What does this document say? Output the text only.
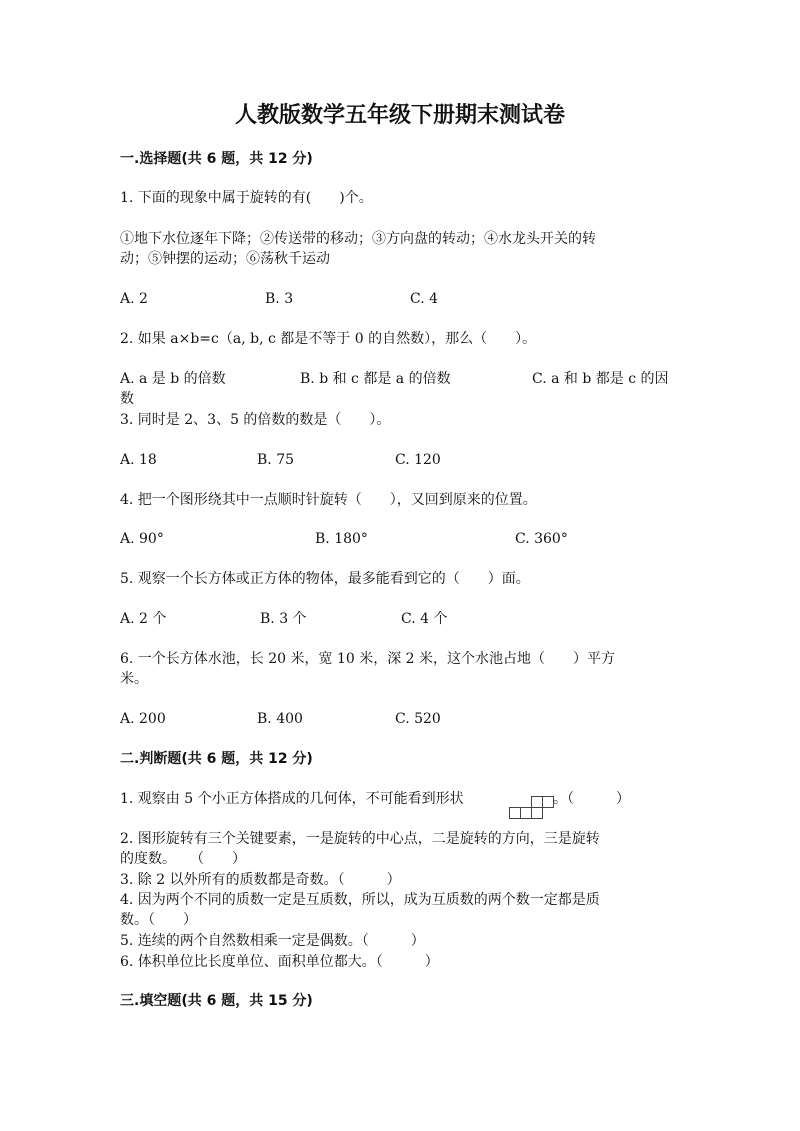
人教版数学五年级下册期末测试卷
一.选择题(共 6 题，共 12 分)
1. 下面的现象中属于旋转的有(　　)个。
①地下水位逐年下降；②传送带的移动；③方向盘的转动；④水龙头开关的转
动；⑤钟摆的运动；⑥荡秋千运动
A. 2	B. 3	C. 4
2. 如果 a×b=c（a, b, c 都是不等于 0 的自然数），那么（　　）。
A. a 是 b 的倍数	B. b 和 c 都是 a 的倍数	C. a 和 b 都是 c 的因
数
3. 同时是 2、3、5 的倍数的数是（　　）。
A. 18	B. 75	C. 120
4. 把一个图形绕其中一点顺时针旋转（　　），又回到原来的位置。
A. 90°	B. 180°	C. 360°
5. 观察一个长方体或正方体的物体，最多能看到它的（　　）面。
A. 2 个	B. 3 个	C. 4 个
6. 一个长方体水池，长 20 米，宽 10 米，深 2 米，这个水池占地（　　）平方
米。
A. 200	B. 400	C. 520
二.判断题(共 6 题，共 12 分)
1. 观察由 5 个小正方体搭成的几何体，不可能看到形状	。（　　　）
2. 图形旋转有三个关键要素，一是旋转的中心点，二是旋转的方向，三是旋转
的度数。　　（　　）
3. 除 2 以外所有的质数都是奇数。（　　　）
4. 因为两个不同的质数一定是互质数，所以，成为互质数的两个数一定都是质
数。（　　）
5. 连续的两个自然数相乘一定是偶数。（　　　）
6. 体积单位比长度单位、面积单位都大。（　　　）
三.填空题(共 6 题，共 15 分)
